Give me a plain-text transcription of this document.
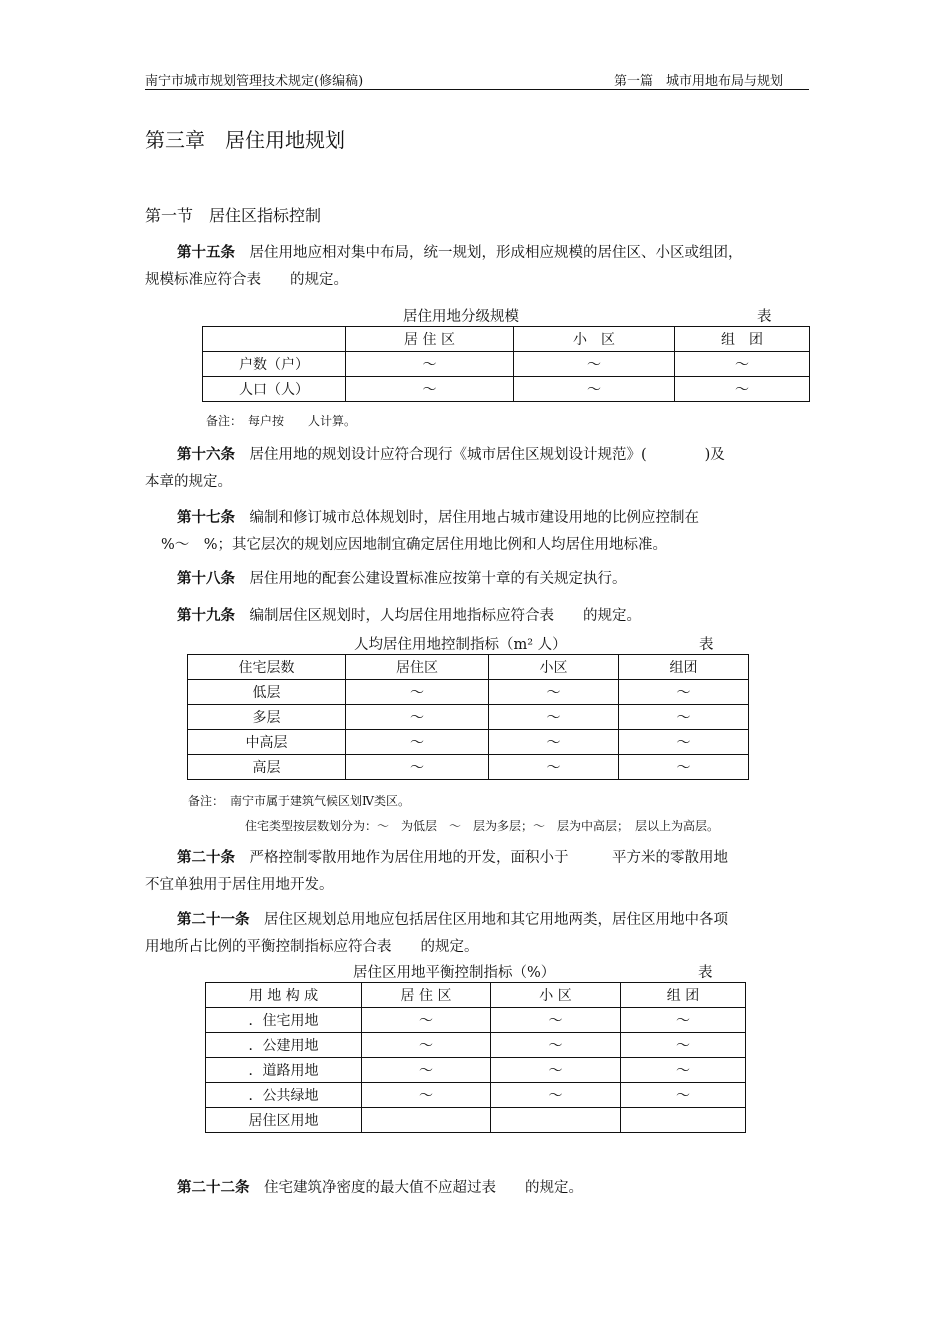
南宁市城市规划管理技术规定(修编稿)	第一篇　城市用地布局与规划
第三章　居住用地规划
第一节　居住区指标控制
第十五条　 居住用地应相对集中布局，统一规划，形成相应规模的居住区、小区或组团，
规模标准应符合表　　的规定。
居住用地分级规模	表
	居 住 区	小　区	组　团
户数（户）	～	～	～
人口（人）	～	～	～
备注：　每户按　　人计算。
第十六条　 居住用地的规划设计应符合现行《城市居住区规划设计规范》(　　　　)及
本章的规定。
第十七条　 编制和修订城市总体规划时，居住用地占城市建设用地的比例应控制在
%～　%；其它层次的规划应因地制宜确定居住用地比例和人均居住用地标准。
第十八条　 居住用地的配套公建设置标准应按第十章的有关规定执行。
第十九条　 编制居住区规划时，人均居住用地指标应符合表　　的规定。
人均居住用地控制指标（m² 人）	表
住宅层数	居住区	小区	组团
低层	～	～	～
多层	～	～	～
中高层	～	～	～
高层	～	～	～
备注：　南宁市属于建筑气候区划Ⅳ类区。
住宅类型按层数划分为：～　为低层　～　层为多层；～　层为中高层；　层以上为高层。
第二十条　 严格控制零散用地作为居住用地的开发，面积小于　　　平方米的零散用地
不宜单独用于居住用地开发。
第二十一条　 居住区规划总用地应包括居住区用地和其它用地两类，居住区用地中各项
用地所占比例的平衡控制指标应符合表　　的规定。
居住区用地平衡控制指标（%）	表
用 地 构 成	居 住 区	小 区	组 团
．住宅用地	～	～	～
．公建用地	～	～	～
．道路用地	～	～	～
．公共绿地	～	～	～
居住区用地			
第二十二条　 住宅建筑净密度的最大值不应超过表　　的规定。
